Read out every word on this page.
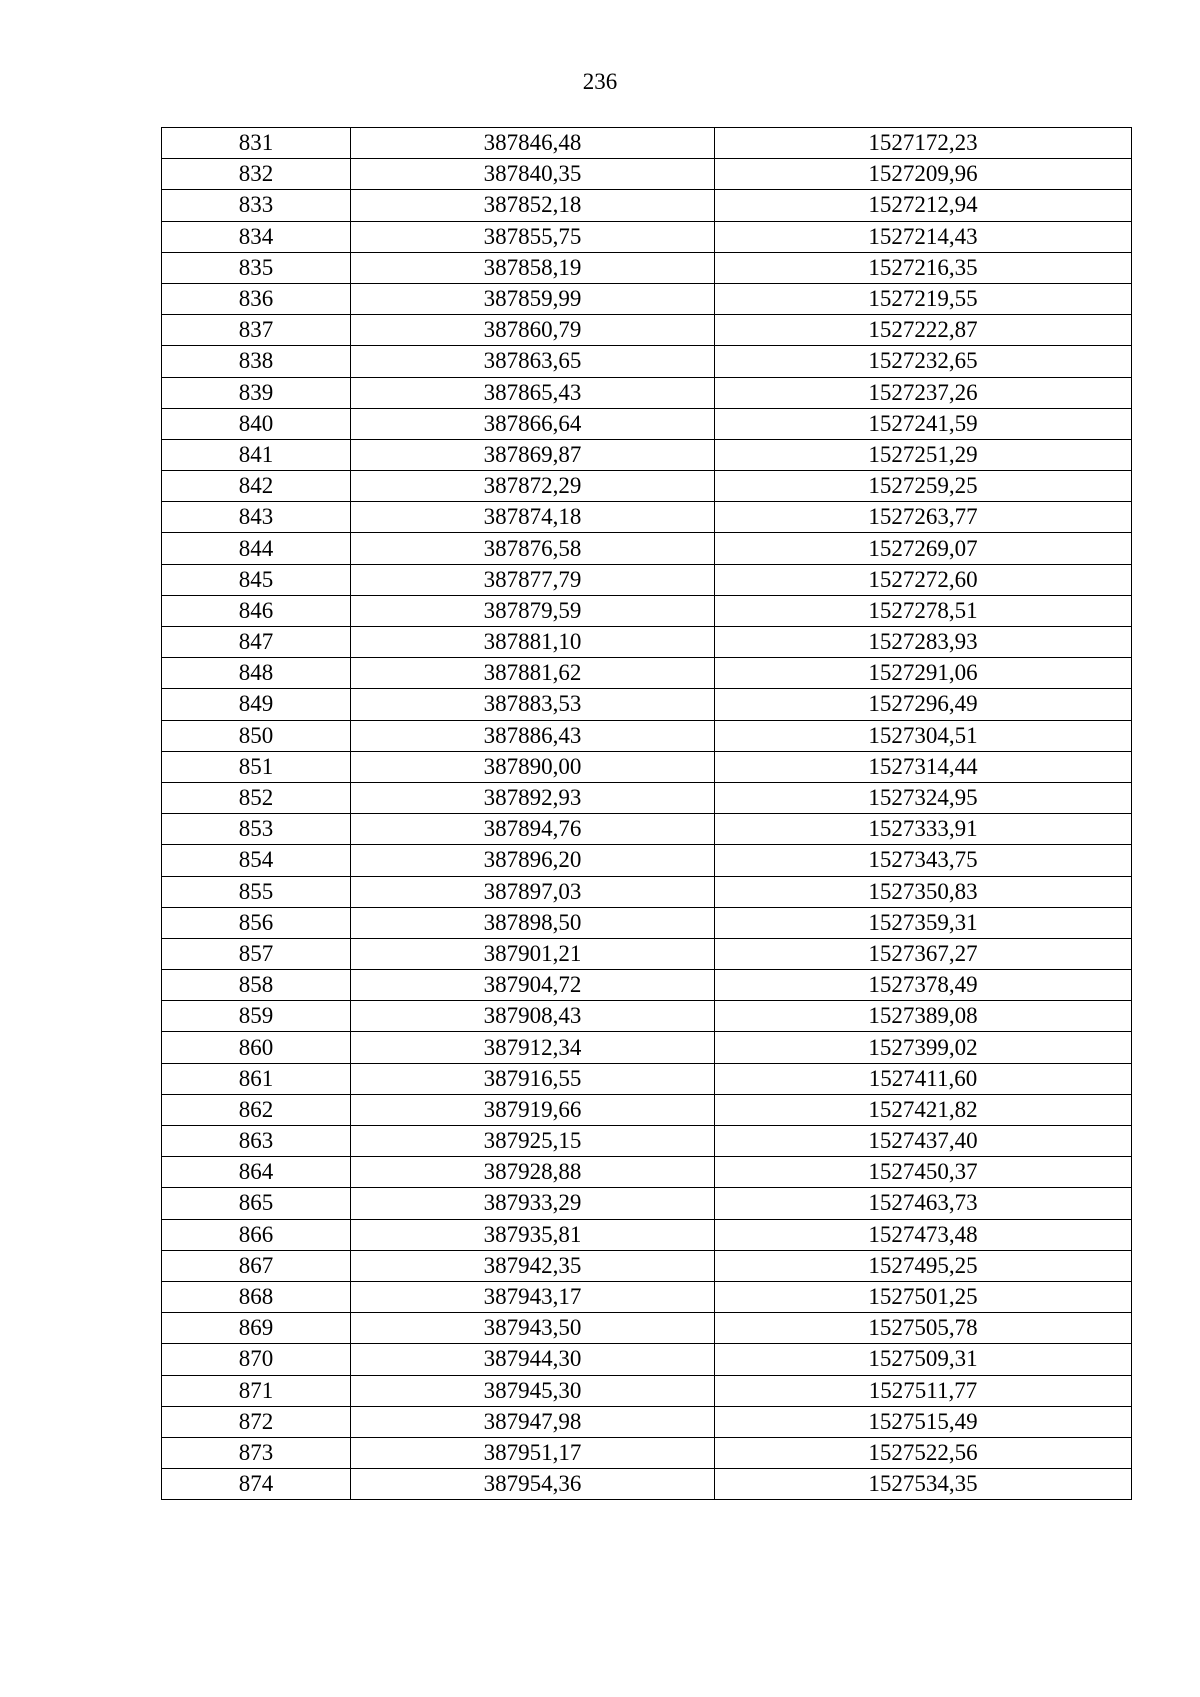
236
831	387846,48	1527172,23
832	387840,35	1527209,96
833	387852,18	1527212,94
834	387855,75	1527214,43
835	387858,19	1527216,35
836	387859,99	1527219,55
837	387860,79	1527222,87
838	387863,65	1527232,65
839	387865,43	1527237,26
840	387866,64	1527241,59
841	387869,87	1527251,29
842	387872,29	1527259,25
843	387874,18	1527263,77
844	387876,58	1527269,07
845	387877,79	1527272,60
846	387879,59	1527278,51
847	387881,10	1527283,93
848	387881,62	1527291,06
849	387883,53	1527296,49
850	387886,43	1527304,51
851	387890,00	1527314,44
852	387892,93	1527324,95
853	387894,76	1527333,91
854	387896,20	1527343,75
855	387897,03	1527350,83
856	387898,50	1527359,31
857	387901,21	1527367,27
858	387904,72	1527378,49
859	387908,43	1527389,08
860	387912,34	1527399,02
861	387916,55	1527411,60
862	387919,66	1527421,82
863	387925,15	1527437,40
864	387928,88	1527450,37
865	387933,29	1527463,73
866	387935,81	1527473,48
867	387942,35	1527495,25
868	387943,17	1527501,25
869	387943,50	1527505,78
870	387944,30	1527509,31
871	387945,30	1527511,77
872	387947,98	1527515,49
873	387951,17	1527522,56
874	387954,36	1527534,35
